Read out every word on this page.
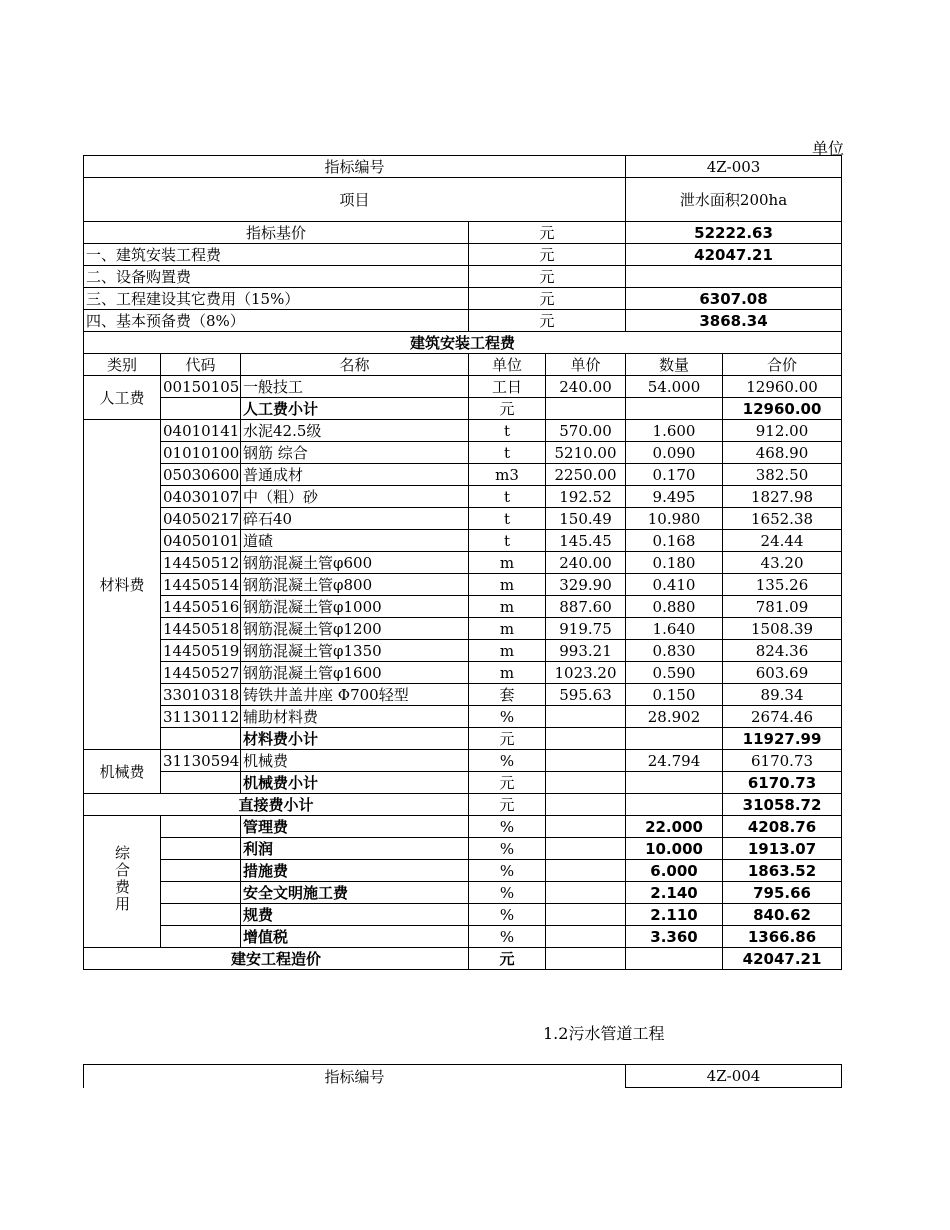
单位
指标编号					4Z-003	
项目					泄水面积200ha	
指标基价			元		52222.63	
一、建筑安装工程费			元		42047.21	
二、设备购置费			元			
三、工程建设其它费用（15%）			元		6307.08	
四、基本预备费（8%）			元		3868.34	
建筑安装工程费						
类别	代码	名称	单位	单价	数量	合价
人工费	00150105	一般技工	工日	240.00	54.000	12960.00
		人工费小计	元			12960.00
材料费	04010141	水泥42.5级	t	570.00	1.600	912.00
	01010100	钢筋 综合	t	5210.00	0.090	468.90
	05030600	普通成材	m3	2250.00	0.170	382.50
	04030107	中（粗）砂	t	192.52	9.495	1827.98
	04050217	碎石40	t	150.49	10.980	1652.38
	04050101	道碴	t	145.45	0.168	24.44
	14450512	钢筋混凝土管φ600	m	240.00	0.180	43.20
	14450514	钢筋混凝土管φ800	m	329.90	0.410	135.26
	14450516	钢筋混凝土管φ1000	m	887.60	0.880	781.09
	14450518	钢筋混凝土管φ1200	m	919.75	1.640	1508.39
	14450519	钢筋混凝土管φ1350	m	993.21	0.830	824.36
	14450527	钢筋混凝土管φ1600	m	1023.20	0.590	603.69
	33010318	铸铁井盖井座 Φ700轻型	套	595.63	0.150	89.34
	31130112	辅助材料费	%		28.902	2674.46
		材料费小计	元			11927.99
机械费	31130594	机械费	%		24.794	6170.73
		机械费小计	元			6170.73
直接费小计			元			31058.72
综合费用		管理费	%		22.000	4208.76
		利润	%		10.000	1913.07
		措施费	%		6.000	1863.52
		安全文明施工费	%		2.140	795.66
		规费	%		2.110	840.62
		增值税	%		3.360	1366.86
建安工程造价			元			42047.21
1.2污水管道工程
指标编号	4Z-004
